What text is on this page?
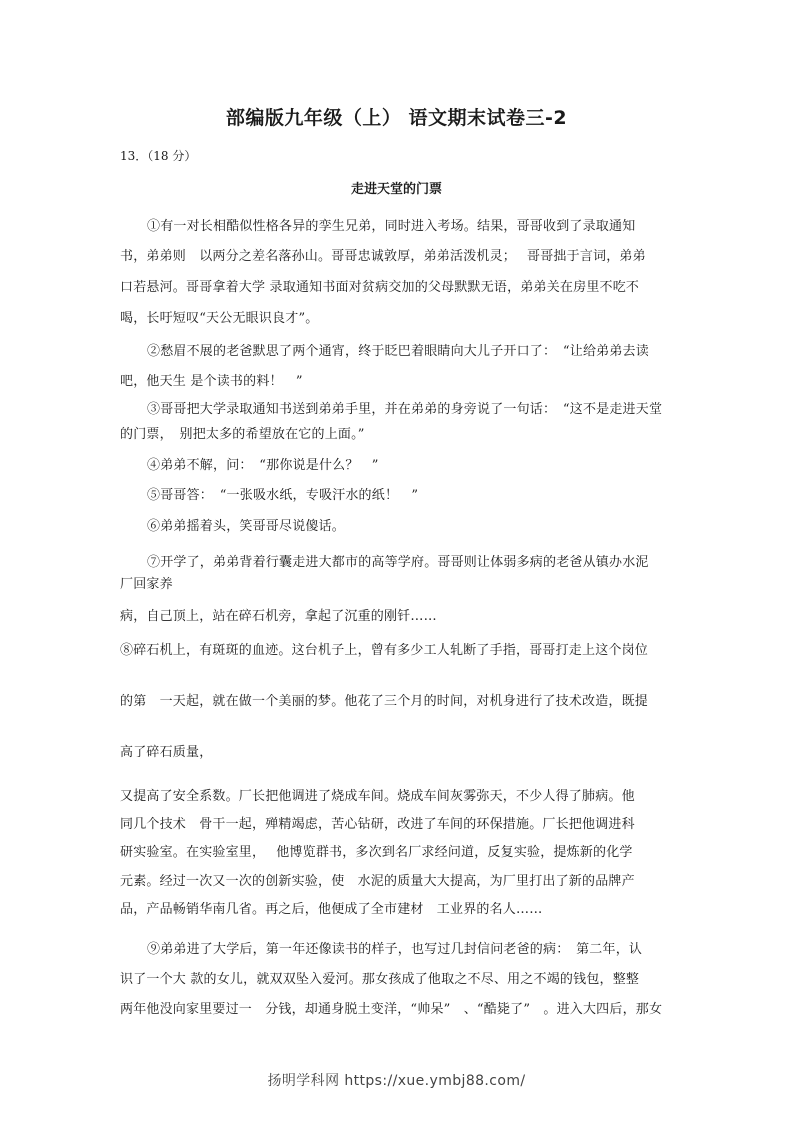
部编版九年级（上） 语文期末试卷三-2
13．（18 分）
走进天堂的门票
①有一对长相酷似性格各异的孪生兄弟，同时进入考场。结果，哥哥收到了录取通知
书，弟弟则　以两分之差名落孙山。哥哥忠诚敦厚，弟弟活泼机灵；　 哥哥拙于言词，弟弟
口若悬河。哥哥拿着大学 录取通知书面对贫病交加的父母默默无语，弟弟关在房里不吃不
喝，长吁短叹“天公无眼识良才”。
②愁眉不展的老爸默思了两个通宵，终于眨巴着眼睛向大儿子开口了：　“让给弟弟去读
吧，他天生 是个读书的料！　”
③哥哥把大学录取通知书送到弟弟手里，并在弟弟的身旁说了一句话：　“这不是走进天堂
的门票，　别把太多的希望放在它的上面。”
④弟弟不解，问：　“那你说是什么？　”
⑤哥哥答：　“一张吸水纸，专吸汗水的纸！　”
⑥弟弟摇着头，笑哥哥尽说傻话。
⑦开学了，弟弟背着行囊走进大都市的高等学府。哥哥则让体弱多病的老爸从镇办水泥
厂回家养
病，自己顶上，站在碎石机旁，拿起了沉重的刚钎……
⑧碎石机上，有斑斑的血迹。这台机子上，曾有多少工人轧断了手指，哥哥打走上这个岗位
的第　一天起，就在做一个美丽的梦。他花了三个月的时间，对机身进行了技术改造，既提
高了碎石质量，
又提高了安全系数。厂长把他调进了烧成车间。烧成车间灰雾弥天，不少人得了肺病。他
同几个技术　骨干一起，殚精竭虑，苦心钻研，改进了车间的环保措施。厂长把他调进科
研实验室。在实验室里，　 他博览群书，多次到名厂求经问道，反复实验，提炼新的化学
元素。经过一次又一次的创新实验，使　水泥的质量大大提高，为厂里打出了新的品牌产
品，产品畅销华南几省。再之后，他便成了全市建材　工业界的名人……
⑨弟弟进了大学后，第一年还像读书的样子，也写过几封信问老爸的病：　第二年，认
识了一个大 款的女儿，就双双坠入爱河。那女孩成了他取之不尽、用之不竭的钱包，整整
两年他没向家里要过一　分钱，却通身脱土变洋，“帅呆”　、“酷毙了”　。进入大四后，那女
扬明学科网 https://xue.ymbj88.com/
